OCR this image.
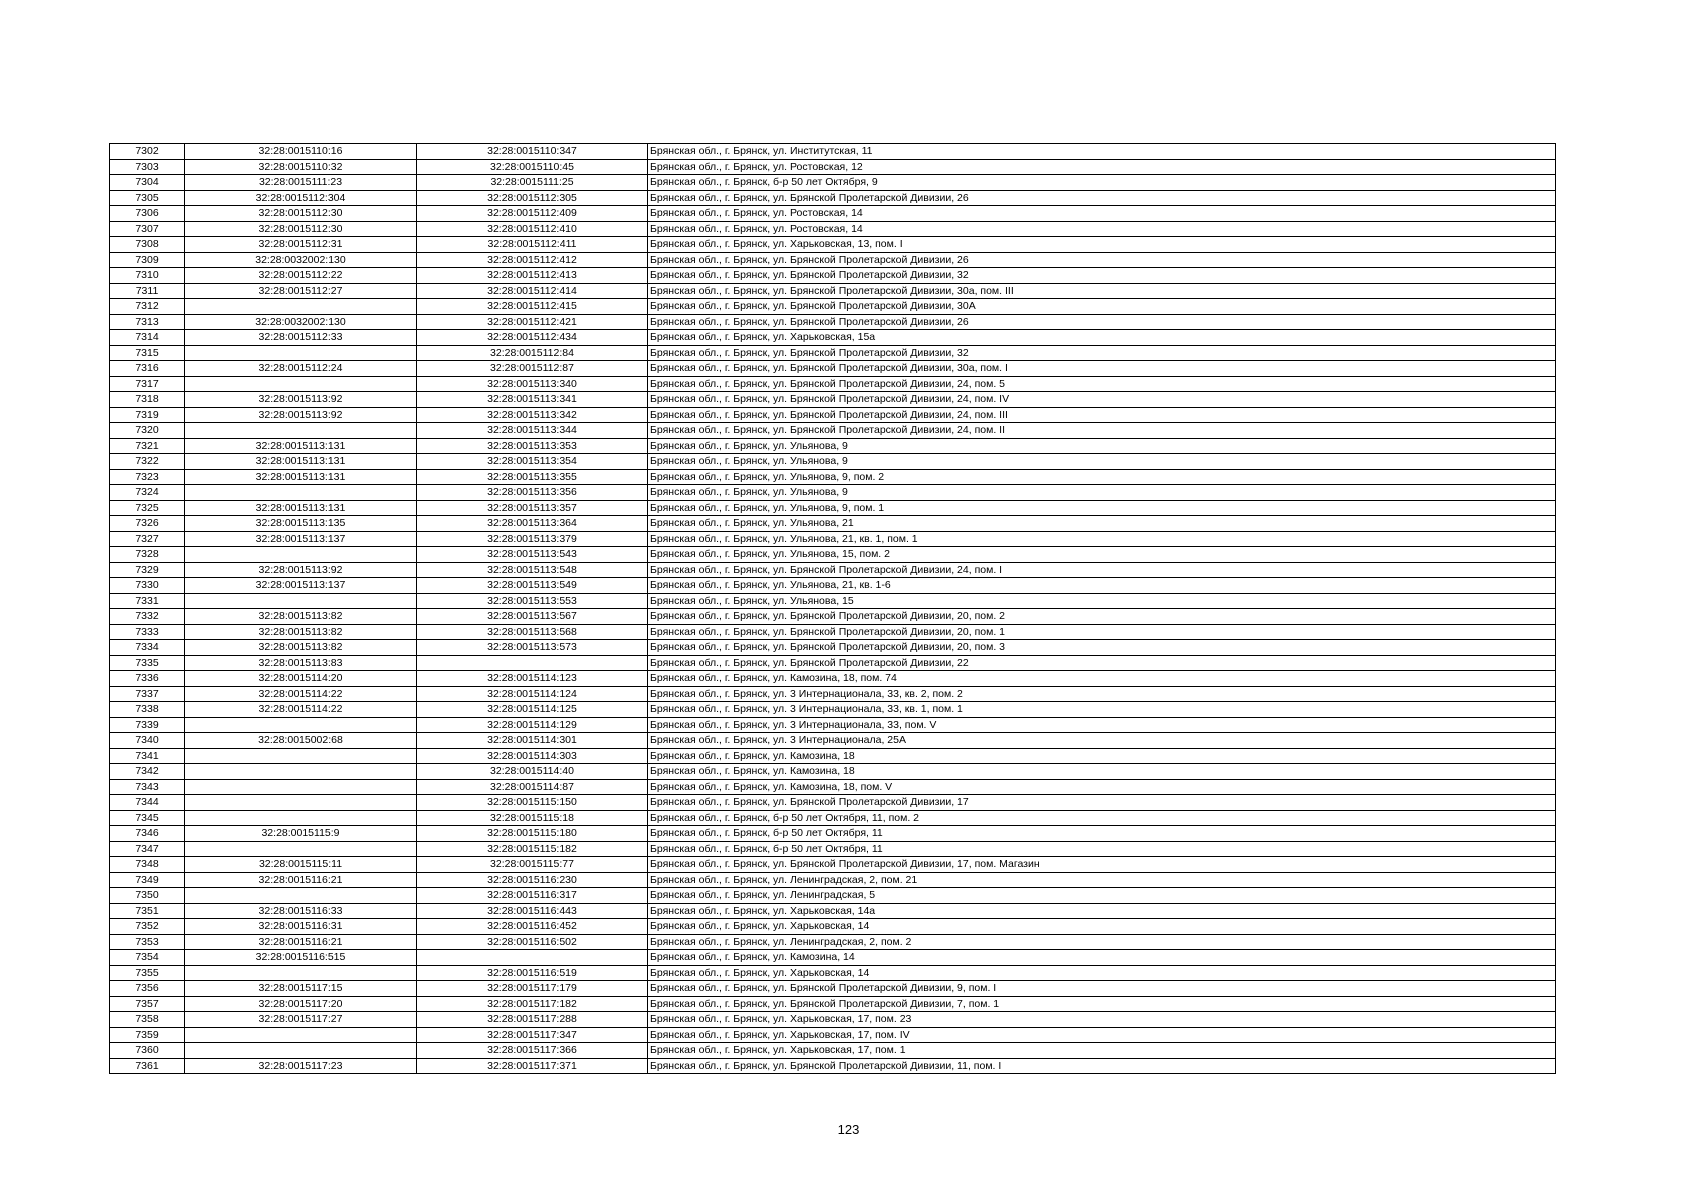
7302	32:28:0015110:16	32:28:0015110:347	Брянская обл., г. Брянск, ул. Институтская, 11
7303	32:28:0015110:32	32:28:0015110:45	Брянская обл., г. Брянск, ул. Ростовская, 12
7304	32:28:0015111:23	32:28:0015111:25	Брянская обл., г. Брянск, б-р 50 лет Октября, 9
7305	32:28:0015112:304	32:28:0015112:305	Брянская обл., г. Брянск, ул. Брянской Пролетарской Дивизии, 26
7306	32:28:0015112:30	32:28:0015112:409	Брянская обл., г. Брянск, ул. Ростовская, 14
7307	32:28:0015112:30	32:28:0015112:410	Брянская обл., г. Брянск, ул. Ростовская, 14
7308	32:28:0015112:31	32:28:0015112:411	Брянская обл., г. Брянск, ул. Харьковская, 13, пом. I
7309	32:28:0032002:130	32:28:0015112:412	Брянская обл., г. Брянск, ул. Брянской Пролетарской Дивизии, 26
7310	32:28:0015112:22	32:28:0015112:413	Брянская обл., г. Брянск, ул. Брянской Пролетарской Дивизии, 32
7311	32:28:0015112:27	32:28:0015112:414	Брянская обл., г. Брянск, ул. Брянской Пролетарской Дивизии, 30а, пом. III
7312		32:28:0015112:415	Брянская обл., г. Брянск, ул. Брянской Пролетарской Дивизии, 30А
7313	32:28:0032002:130	32:28:0015112:421	Брянская обл., г. Брянск, ул. Брянской Пролетарской Дивизии, 26
7314	32:28:0015112:33	32:28:0015112:434	Брянская обл., г. Брянск, ул. Харьковская, 15а
7315		32:28:0015112:84	Брянская обл., г. Брянск, ул. Брянской Пролетарской Дивизии, 32
7316	32:28:0015112:24	32:28:0015112:87	Брянская обл., г. Брянск, ул. Брянской Пролетарской Дивизии, 30а, пом. I
7317		32:28:0015113:340	Брянская обл., г. Брянск, ул. Брянской Пролетарской Дивизии, 24, пом. 5
7318	32:28:0015113:92	32:28:0015113:341	Брянская обл., г. Брянск, ул. Брянской Пролетарской Дивизии, 24, пом. IV
7319	32:28:0015113:92	32:28:0015113:342	Брянская обл., г. Брянск, ул. Брянской Пролетарской Дивизии, 24, пом. III
7320		32:28:0015113:344	Брянская обл., г. Брянск, ул. Брянской Пролетарской Дивизии, 24, пом. II
7321	32:28:0015113:131	32:28:0015113:353	Брянская обл., г. Брянск, ул. Ульянова, 9
7322	32:28:0015113:131	32:28:0015113:354	Брянская обл., г. Брянск, ул. Ульянова, 9
7323	32:28:0015113:131	32:28:0015113:355	Брянская обл., г. Брянск, ул. Ульянова, 9, пом. 2
7324		32:28:0015113:356	Брянская обл., г. Брянск, ул. Ульянова, 9
7325	32:28:0015113:131	32:28:0015113:357	Брянская обл., г. Брянск, ул. Ульянова, 9, пом. 1
7326	32:28:0015113:135	32:28:0015113:364	Брянская обл., г. Брянск, ул. Ульянова, 21
7327	32:28:0015113:137	32:28:0015113:379	Брянская обл., г. Брянск, ул. Ульянова, 21, кв. 1, пом. 1
7328		32:28:0015113:543	Брянская обл., г. Брянск, ул. Ульянова, 15, пом. 2
7329	32:28:0015113:92	32:28:0015113:548	Брянская обл., г. Брянск, ул. Брянской Пролетарской Дивизии, 24, пом. I
7330	32:28:0015113:137	32:28:0015113:549	Брянская обл., г. Брянск, ул. Ульянова, 21, кв. 1-6
7331		32:28:0015113:553	Брянская обл., г. Брянск, ул. Ульянова, 15
7332	32:28:0015113:82	32:28:0015113:567	Брянская обл., г. Брянск, ул. Брянской Пролетарской Дивизии, 20, пом. 2
7333	32:28:0015113:82	32:28:0015113:568	Брянская обл., г. Брянск, ул. Брянской Пролетарской Дивизии, 20, пом. 1
7334	32:28:0015113:82	32:28:0015113:573	Брянская обл., г. Брянск, ул. Брянской Пролетарской Дивизии, 20, пом. 3
7335	32:28:0015113:83		Брянская обл., г. Брянск, ул. Брянской Пролетарской Дивизии, 22
7336	32:28:0015114:20	32:28:0015114:123	Брянская обл., г. Брянск, ул. Камозина, 18, пом. 74
7337	32:28:0015114:22	32:28:0015114:124	Брянская обл., г. Брянск, ул. 3 Интернационала, 33, кв. 2, пом. 2
7338	32:28:0015114:22	32:28:0015114:125	Брянская обл., г. Брянск, ул. 3 Интернационала, 33, кв. 1, пом. 1
7339		32:28:0015114:129	Брянская обл., г. Брянск, ул. 3 Интернационала, 33, пом. V
7340	32:28:0015002:68	32:28:0015114:301	Брянская обл., г. Брянск, ул. 3 Интернационала, 25А
7341		32:28:0015114:303	Брянская обл., г. Брянск, ул. Камозина, 18
7342		32:28:0015114:40	Брянская обл., г. Брянск, ул. Камозина, 18
7343		32:28:0015114:87	Брянская обл., г. Брянск, ул. Камозина, 18, пом. V
7344		32:28:0015115:150	Брянская обл., г. Брянск, ул. Брянской Пролетарской Дивизии, 17
7345		32:28:0015115:18	Брянская обл., г. Брянск, б-р 50 лет Октября, 11, пом. 2
7346	32:28:0015115:9	32:28:0015115:180	Брянская обл., г. Брянск, б-р 50 лет Октября, 11
7347		32:28:0015115:182	Брянская обл., г. Брянск, б-р 50 лет Октября, 11
7348	32:28:0015115:11	32:28:0015115:77	Брянская обл., г. Брянск, ул. Брянской Пролетарской Дивизии, 17, пом. Магазин
7349	32:28:0015116:21	32:28:0015116:230	Брянская обл., г. Брянск, ул. Ленинградская, 2, пом. 21
7350		32:28:0015116:317	Брянская обл., г. Брянск, ул. Ленинградская, 5
7351	32:28:0015116:33	32:28:0015116:443	Брянская обл., г. Брянск, ул. Харьковская, 14а
7352	32:28:0015116:31	32:28:0015116:452	Брянская обл., г. Брянск, ул. Харьковская, 14
7353	32:28:0015116:21	32:28:0015116:502	Брянская обл., г. Брянск, ул. Ленинградская, 2, пом. 2
7354	32:28:0015116:515		Брянская обл., г. Брянск, ул. Камозина, 14
7355		32:28:0015116:519	Брянская обл., г. Брянск, ул. Харьковская, 14
7356	32:28:0015117:15	32:28:0015117:179	Брянская обл., г. Брянск, ул. Брянской Пролетарской Дивизии, 9, пом. I
7357	32:28:0015117:20	32:28:0015117:182	Брянская обл., г. Брянск, ул. Брянской Пролетарской Дивизии, 7, пом. 1
7358	32:28:0015117:27	32:28:0015117:288	Брянская обл., г. Брянск, ул. Харьковская, 17, пом. 23
7359		32:28:0015117:347	Брянская обл., г. Брянск, ул. Харьковская, 17, пом. IV
7360		32:28:0015117:366	Брянская обл., г. Брянск, ул. Харьковская, 17, пом. 1
7361	32:28:0015117:23	32:28:0015117:371	Брянская обл., г. Брянск, ул. Брянской Пролетарской Дивизии, 11, пом. I
123
